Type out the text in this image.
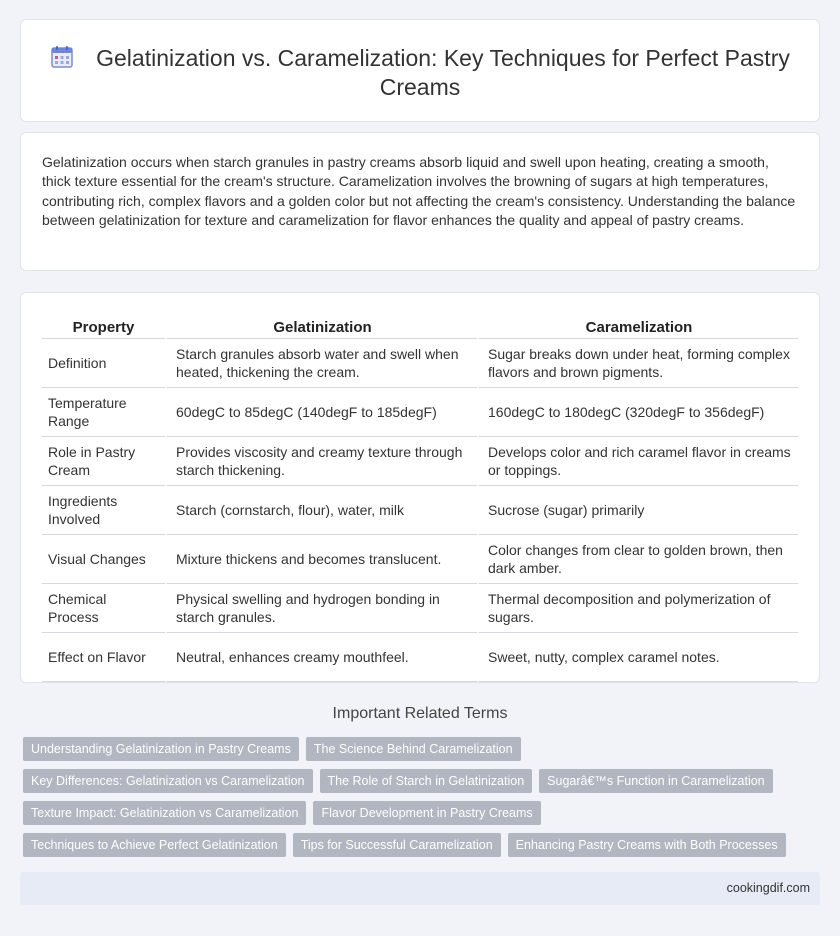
Gelatinization vs. Caramelization: Key Techniques for Perfect Pastry Creams

Gelatinization occurs when starch granules in pastry creams absorb liquid and swell upon heating, creating a smooth, thick texture essential for the cream's structure. Caramelization involves the browning of sugars at high temperatures, contributing rich, complex flavors and a golden color but not affecting the cream's consistency. Understanding the balance between gelatinization for texture and caramelization for flavor enhances the quality and appeal of pastry creams.

Property	Gelatinization	Caramelization
Definition	Starch granules absorb water and swell when heated, thickening the cream.	Sugar breaks down under heat, forming complex flavors and brown pigments.
Temperature Range	60degC to 85degC (140degF to 185degF)	160degC to 180degC (320degF to 356degF)
Role in Pastry Cream	Provides viscosity and creamy texture through starch thickening.	Develops color and rich caramel flavor in creams or toppings.
Ingredients Involved	Starch (cornstarch, flour), water, milk	Sucrose (sugar) primarily
Visual Changes	Mixture thickens and becomes translucent.	Color changes from clear to golden brown, then dark amber.
Chemical Process	Physical swelling and hydrogen bonding in starch granules.	Thermal decomposition and polymerization of sugars.
Effect on Flavor	Neutral, enhances creamy mouthfeel.	Sweet, nutty, complex caramel notes.
Important Related Terms
Understanding Gelatinization in Pastry Creams	The Science Behind Caramelization
Key Differences: Gelatinization vs Caramelization	The Role of Starch in Gelatinization	Sugarâ€™s Function in Caramelization
Texture Impact: Gelatinization vs Caramelization	Flavor Development in Pastry Creams
Techniques to Achieve Perfect Gelatinization	Tips for Successful Caramelization	Enhancing Pastry Creams with Both Processes
cookingdif.com
